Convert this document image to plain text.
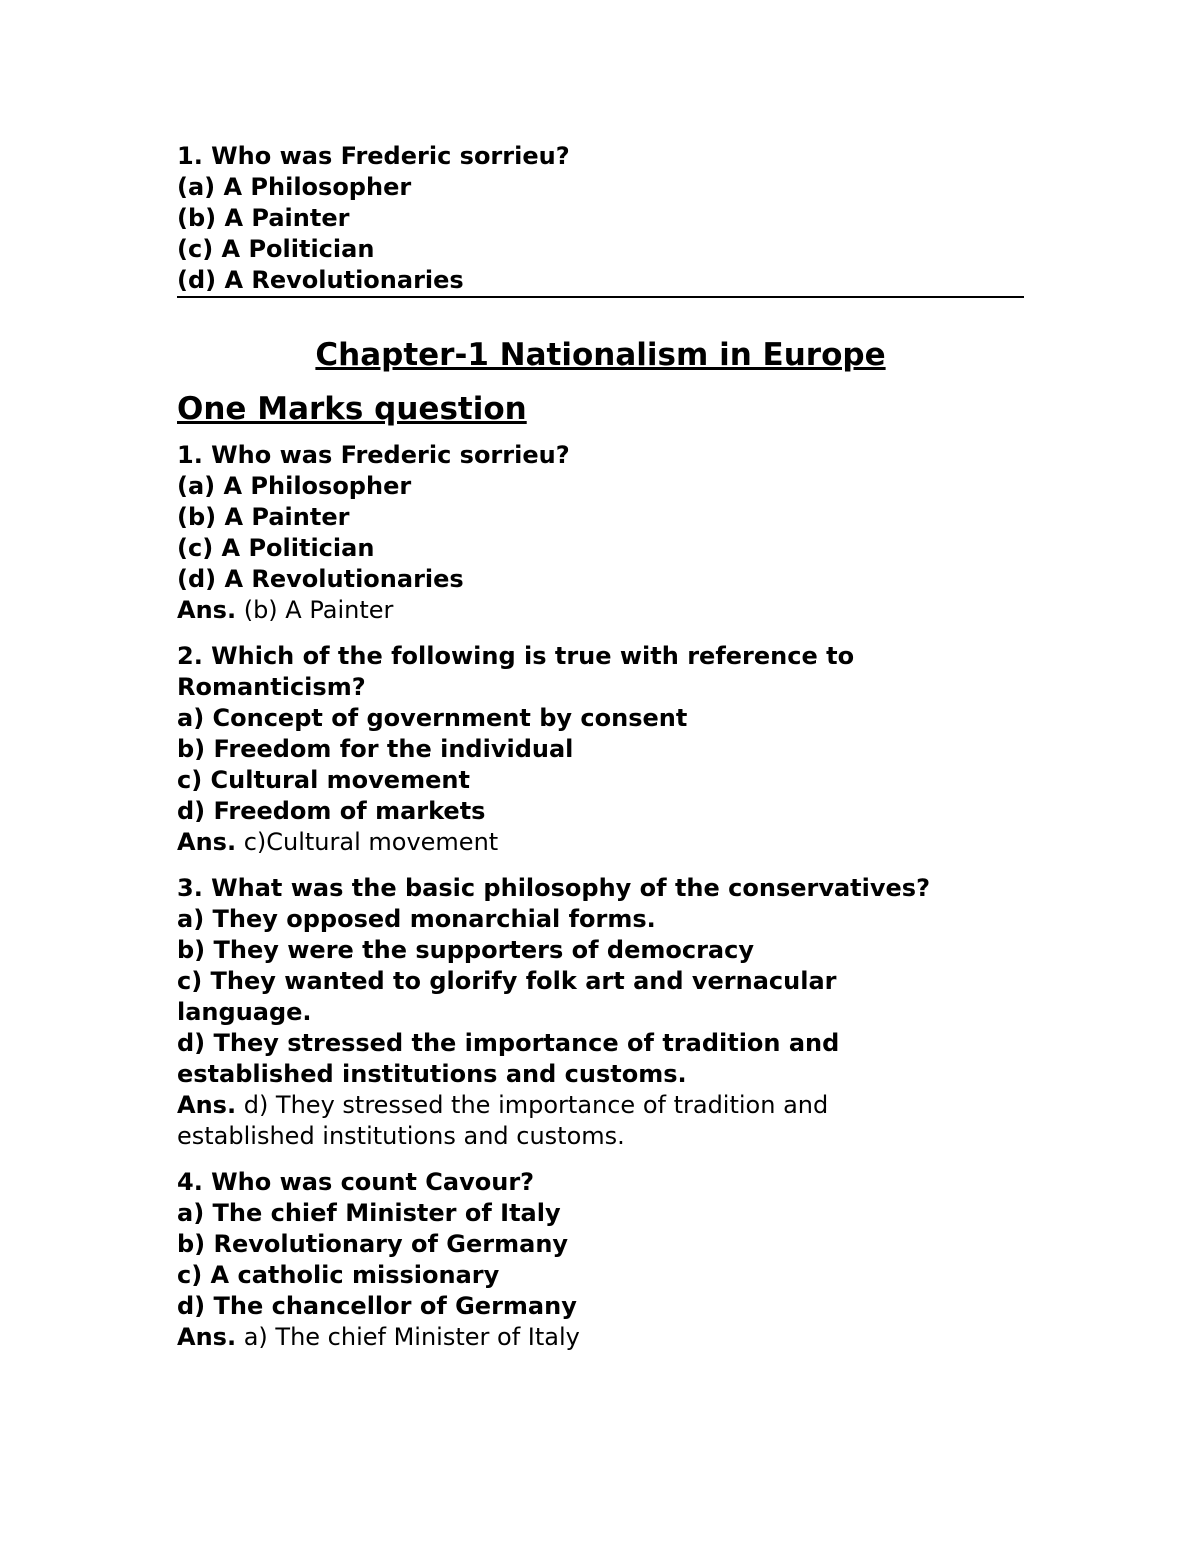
1. Who was Frederic sorrieu?
(a) A Philosopher
(b) A Painter
(c) A Politician
(d) A Revolutionaries
Chapter-1 Nationalism in Europe
One Marks question
1. Who was Frederic sorrieu?
(a) A Philosopher
(b) A Painter
(c) A Politician
(d) A Revolutionaries
Ans. (b) A Painter
2. Which of the following is true with reference to
Romanticism?
a) Concept of government by consent
b) Freedom for the individual
c) Cultural movement
d) Freedom of markets
Ans. c)Cultural movement
3. What was the basic philosophy of the conservatives?
a) They opposed monarchial forms.
b) They were the supporters of democracy
c) They wanted to glorify folk art and vernacular
language.
d) They stressed the importance of tradition and
established institutions and customs.
Ans. d) They stressed the importance of tradition and
established institutions and customs.
4. Who was count Cavour?
a) The chief Minister of Italy
b) Revolutionary of Germany
c) A catholic missionary
d) The chancellor of Germany
Ans. a) The chief Minister of Italy
